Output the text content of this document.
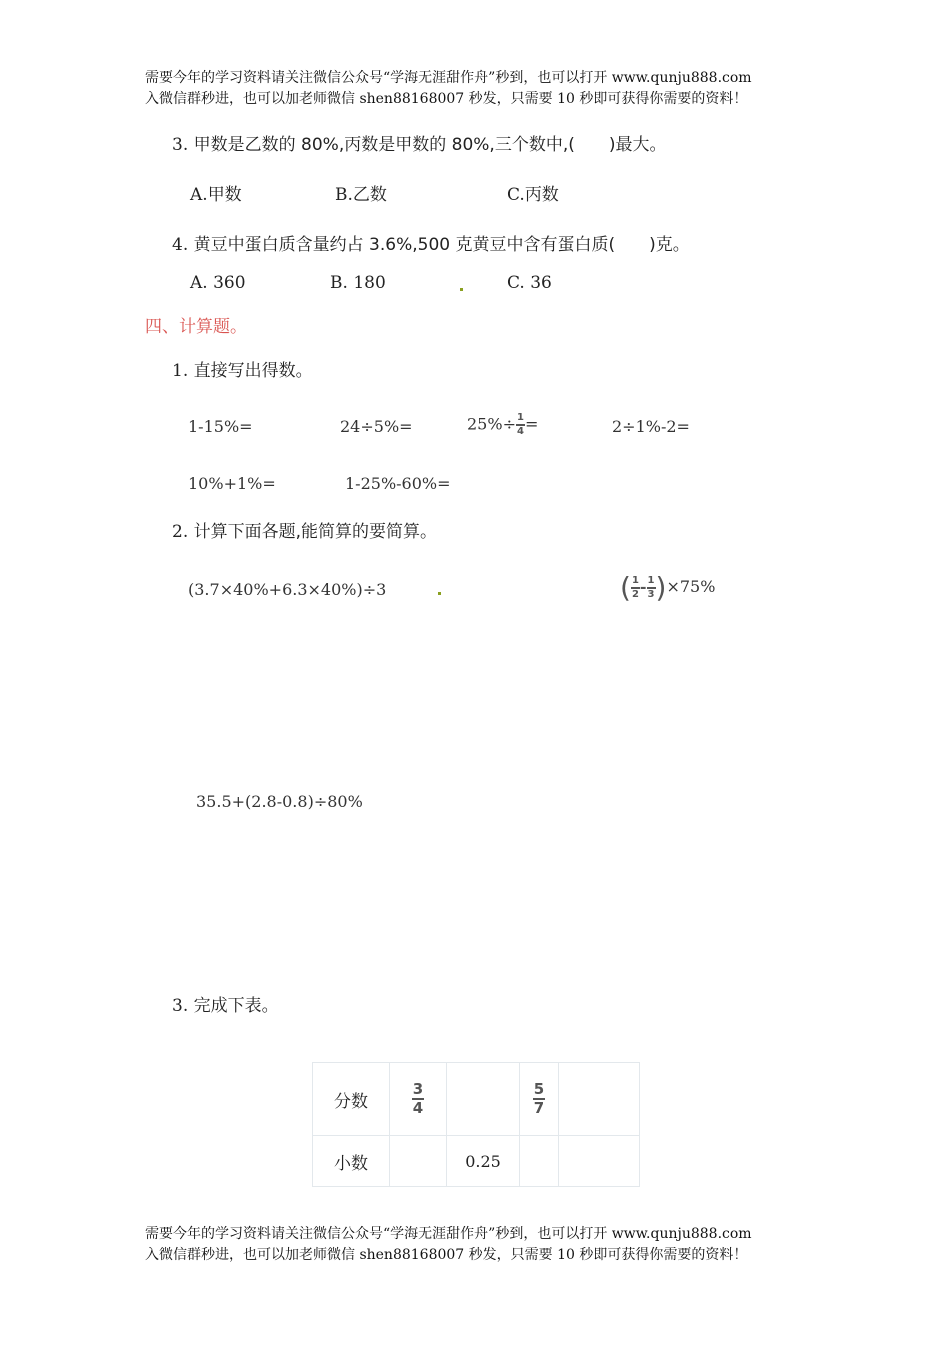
需要今年的学习资料请关注微信公众号“学海无涯甜作舟”秒到，也可以打开 www.qunju888.com
入微信群秒进，也可以加老师微信 shen88168007 秒发，只需要 10 秒即可获得你需要的资料！
3. 甲数是乙数的 80%,丙数是甲数的 80%,三个数中,(　　)最大。
A.甲数	B.乙数	C.丙数
4. 黄豆中蛋白质含量约占 3.6%,500 克黄豆中含有蛋白质(　　)克。
A. 360	B. 180	C. 36
四、计算题。
1. 直接写出得数。
1-15%=	24÷5%=	$25\%\div \frac{1}{4}$ =	2÷1%-2=
10%+1%=	1-25%-60%=
2. 计算下面各题,能简算的要简算。
(3.7×40%+6.3×40%)÷3	( $\frac{1}{2} - \frac{1}{3} )\times 75\%$
35.5+(2.8-0.8)÷80%
3. 完成下表。
分数	$\frac{3}{4}$		$\frac{5}{7}$

小数		0.25		
需要今年的学习资料请关注微信公众号“学海无涯甜作舟”秒到，也可以打开 www.qunju888.com
入微信群秒进，也可以加老师微信 shen88168007 秒发，只需要 10 秒即可获得你需要的资料！
